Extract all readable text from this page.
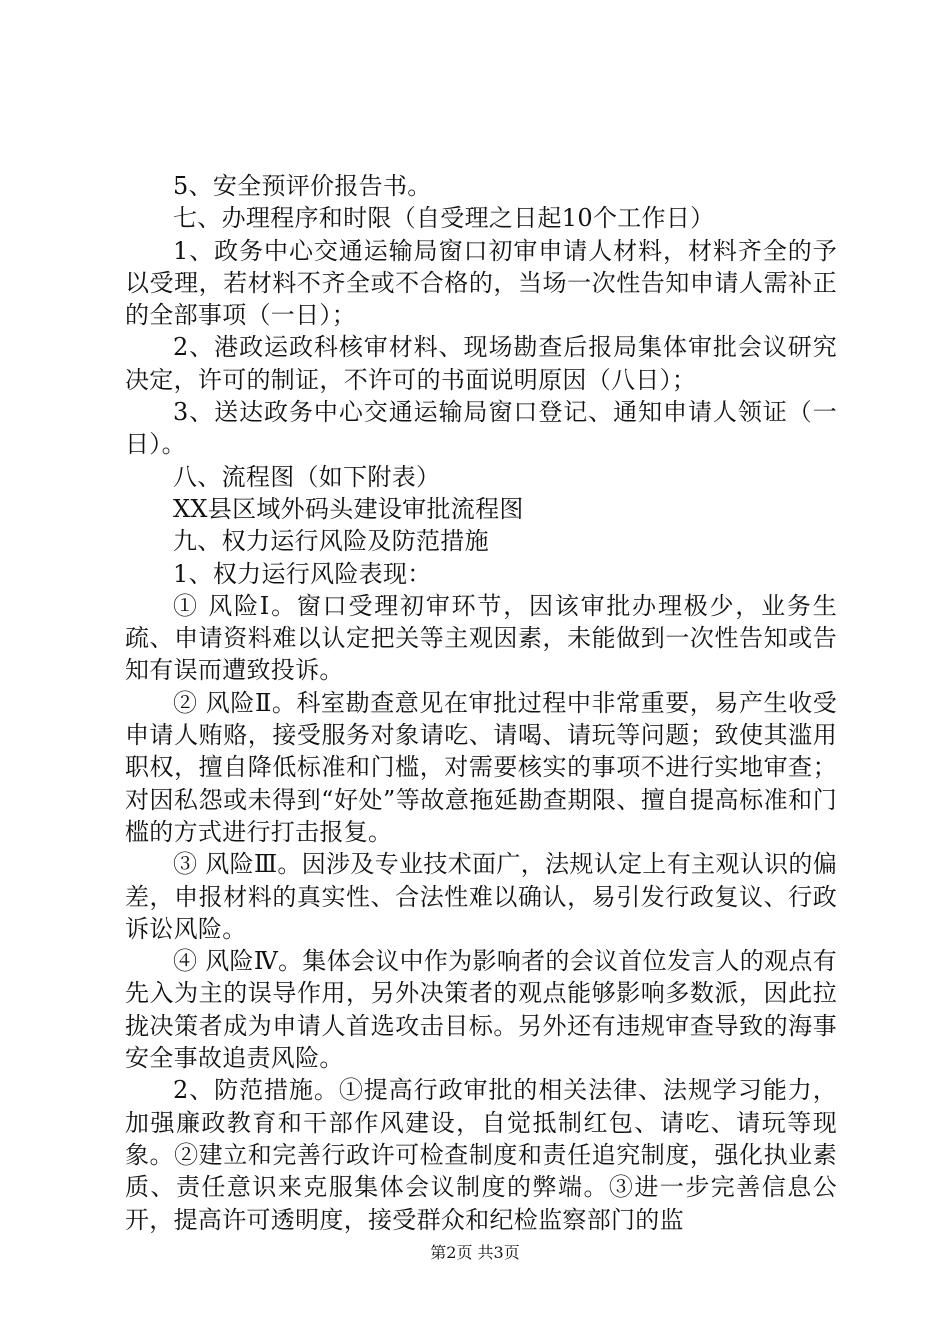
5、安全预评价报告书。

七、办理程序和时限（自受理之日起10个工作日）

1、政务中心交通运输局窗口初审申请人材料，材料齐全的予以受理，若材料不齐全或不合格的，当场一次性告知申请人需补正的全部事项（一日）；

2、港政运政科核审材料、现场勘查后报局集体审批会议研究决定，许可的制证，不许可的书面说明原因（八日）；

3、送达政务中心交通运输局窗口登记、通知申请人领证（一日）。

八、流程图（如下附表）

XX县区域外码头建设审批流程图

九、权力运行风险及防范措施

1、权力运行风险表现：

① 风险Ⅰ。窗口受理初审环节，因该审批办理极少，业务生疏、申请资料难以认定把关等主观因素，未能做到一次性告知或告知有误而遭致投诉。

② 风险Ⅱ。科室勘查意见在审批过程中非常重要，易产生收受申请人贿赂，接受服务对象请吃、请喝、请玩等问题；致使其滥用职权，擅自降低标准和门槛，对需要核实的事项不进行实地审查；对因私怨或未得到“好处”等故意拖延勘查期限、擅自提高标准和门槛的方式进行打击报复。

③ 风险Ⅲ。因涉及专业技术面广，法规认定上有主观认识的偏差，申报材料的真实性、合法性难以确认，易引发行政复议、行政诉讼风险。

④ 风险Ⅳ。集体会议中作为影响者的会议首位发言人的观点有先入为主的误导作用，另外决策者的观点能够影响多数派，因此拉拢决策者成为申请人首选攻击目标。另外还有违规审查导致的海事安全事故追责风险。

2、防范措施。①提高行政审批的相关法律、法规学习能力，加强廉政教育和干部作风建设，自觉抵制红包、请吃、请玩等现象。②建立和完善行政许可检查制度和责任追究制度，强化执业素质、责任意识来克服集体会议制度的弊端。③进一步完善信息公开，提高许可透明度，接受群众和纪检监察部门的监

第2页 共3页
